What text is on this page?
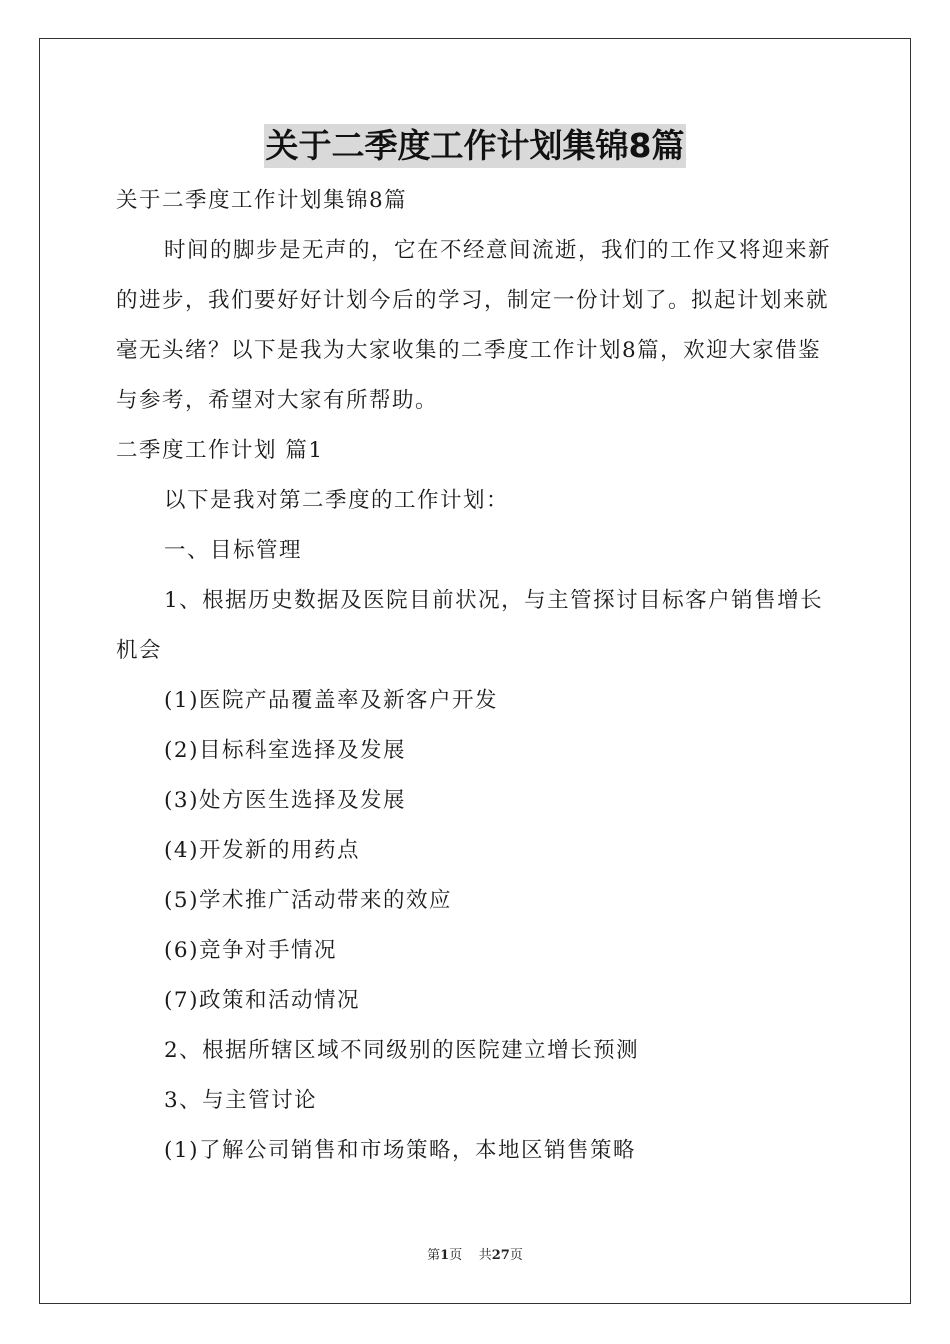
关于二季度工作计划集锦8篇

关于二季度工作计划集锦8篇

时间的脚步是无声的，它在不经意间流逝，我们的工作又将迎来新的进步，我们要好好计划今后的学习，制定一份计划了。拟起计划来就毫无头绪？以下是我为大家收集的二季度工作计划8篇，欢迎大家借鉴与参考，希望对大家有所帮助。

二季度工作计划 篇1

以下是我对第二季度的工作计划：

一、目标管理

1、根据历史数据及医院目前状况，与主管探讨目标客户销售增长机会

(1)医院产品覆盖率及新客户开发

(2)目标科室选择及发展

(3)处方医生选择及发展

(4)开发新的用药点

(5)学术推广活动带来的效应

(6)竞争对手情况

(7)政策和活动情况

2、根据所辖区域不同级别的医院建立增长预测

3、与主管讨论

(1)了解公司销售和市场策略，本地区销售策略

第1页 共27页
